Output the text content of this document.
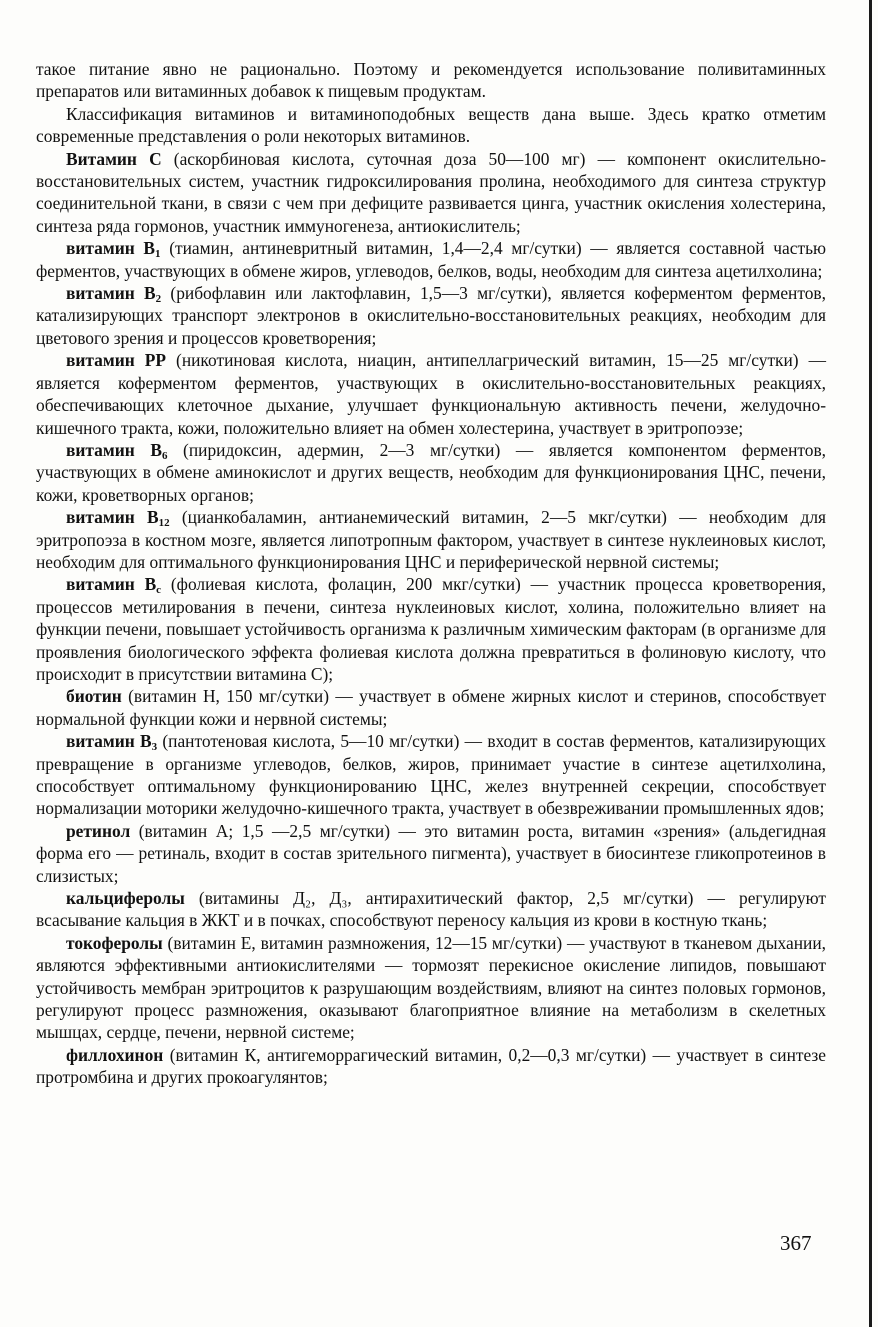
такое питание явно не рационально. Поэтому и рекомендуется использование поливитаминных препаратов или витаминных добавок к пищевым продуктам.

Классификация витаминов и витаминоподобных веществ дана выше. Здесь кратко отметим современные представления о роли некоторых витаминов.

Витамин С (аскорбиновая кислота, суточная доза 50—100 мг) — компонент окислительно-восстановительных систем, участник гидроксилирования пролина, необходимого для синтеза структур соединительной ткани, в связи с чем при дефиците развивается цинга, участник окисления холестерина, синтеза ряда гормонов, участник иммуногенеза, антиокислитель;

витамин $В_1$ (тиамин, антиневритный витамин, 1,4—2,4 мг/сутки) — является составной частью ферментов, участвующих в обмене жиров, углеводов, белков, воды, необходим для синтеза ацетилхолина;

витамин $В_2$ (рибофлавин или лактофлавин, 1,5—3 мг/сутки), является коферментом ферментов, катализирующих транспорт электронов в окислительно-восстановительных реакциях, необходим для цветового зрения и процессов кроветворения;

витамин РР (никотиновая кислота, ниацин, антипеллагрический витамин, 15—25 мг/сутки) — является коферментом ферментов, участвующих в окислительно-восстановительных реакциях, обеспечивающих клеточное дыхание, улучшает функциональную активность печени, желудочно-кишечного тракта, кожи, положительно влияет на обмен холестерина, участвует в эритропоэзе;

витамин $В_6$ (пиридоксин, адермин, 2—3 мг/сутки) — является компонентом ферментов, участвующих в обмене аминокислот и других веществ, необходим для функционирования ЦНС, печени, кожи, кроветворных органов;

витамин $В_{12}$ (цианкобаламин, антианемический витамин, 2—5 мкг/сутки) — необходим для эритропоэза в костном мозге, является липотропным фактором, участвует в синтезе нуклеиновых кислот, необходим для оптимального функционирования ЦНС и периферической нервной системы;

витамин $В_с$ (фолиевая кислота, фолацин, 200 мкг/сутки) — участник процесса кроветворения, процессов метилирования в печени, синтеза нуклеиновых кислот, холина, положительно влияет на функции печени, повышает устойчивость организма к различным химическим факторам (в организме для проявления биологического эффекта фолиевая кислота должна превратиться в фолиновую кислоту, что происходит в присутствии витамина С);

биотин (витамин Н, 150 мг/сутки) — участвует в обмене жирных кислот и стеринов, способствует нормальной функции кожи и нервной системы;

витамин $В_3$ (пантотеновая кислота, 5—10 мг/сутки) — входит в состав ферментов, катализирующих превращение в организме углеводов, белков, жиров, принимает участие в синтезе ацетилхолина, способствует оптимальному функционированию ЦНС, желез внутренней секреции, способствует нормализации моторики желудочно-кишечного тракта, участвует в обезвреживании промышленных ядов;

ретинол (витамин А; 1,5 —2,5 мг/сутки) — это витамин роста, витамин «зрения» (альдегидная форма его — ретиналь, входит в состав зрительного пигмента), участвует в биосинтезе гликопротеинов в слизистых;

кальциферолы (витамины Д₂, Д₃, антирахитический фактор, 2,5 мг/сутки) — регулируют всасывание кальция в ЖКТ и в почках, способствуют переносу кальция из крови в костную ткань;

токоферолы (витамин Е, витамин размножения, 12—15 мг/сутки) — участвуют в тканевом дыхании, являются эффективными антиокислителями — тормозят перекисное окисление липидов, повышают устойчивость мембран эритроцитов к разрушающим воздействиям, влияют на синтез половых гормонов, регулируют процесс размножения, оказывают благоприятное влияние на метаболизм в скелетных мышцах, сердце, печени, нервной системе;

филлохинон (витамин К, антигеморрагический витамин, 0,2—0,3 мг/сутки) — участвует в синтезе протромбина и других прокоагулянтов;

367
